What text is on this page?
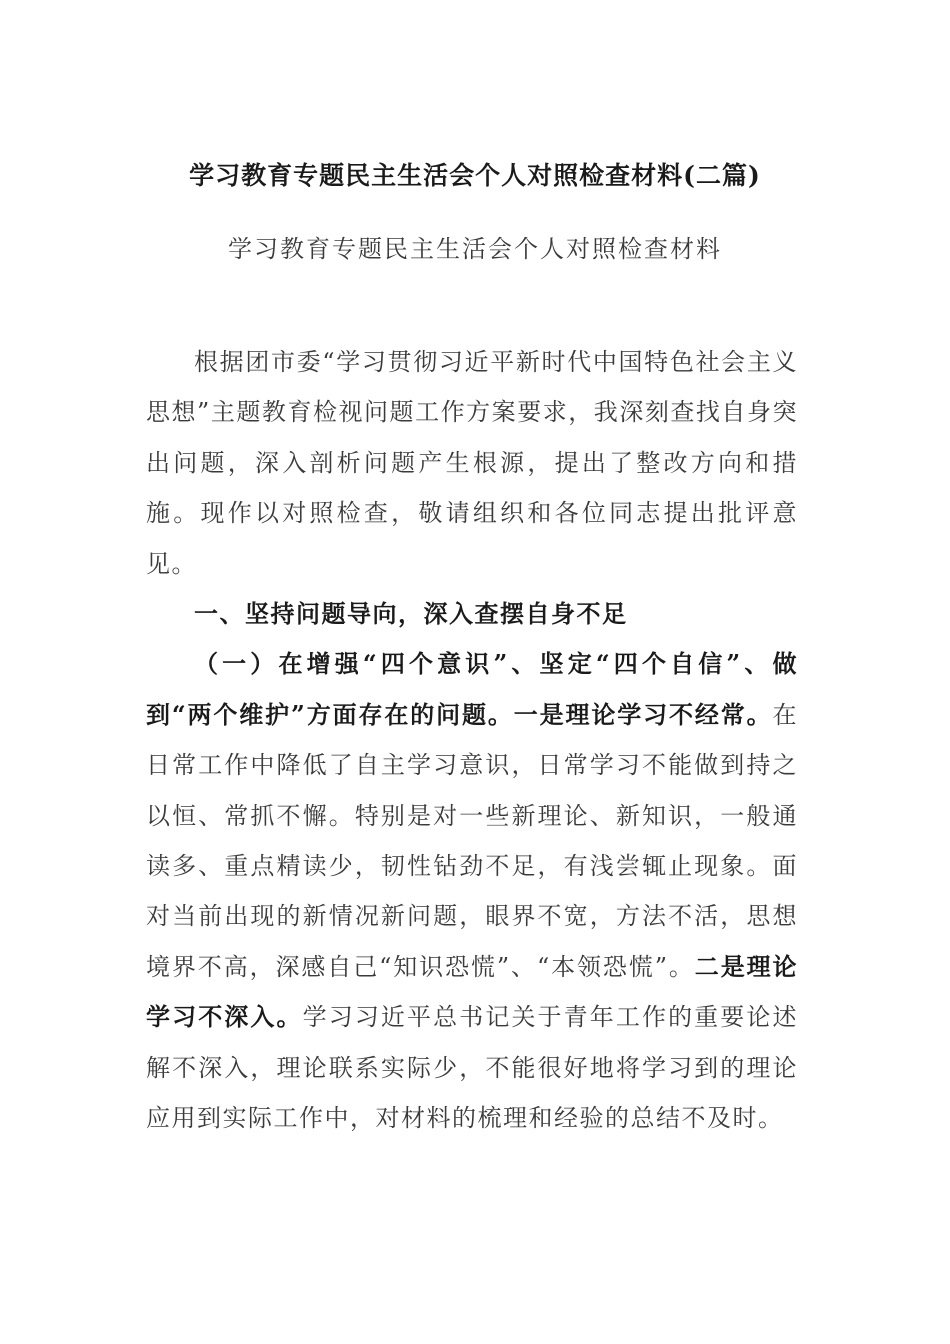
学习教育专题民主生活会个人对照检查材料(二篇)
学习教育专题民主生活会个人对照检查材料

根据团市委“学习贯彻习近平新时代中国特色社会主义思想”主题教育检视问题工作方案要求，我深刻查找自身突出问题，深入剖析问题产生根源，提出了整改方向和措施。现作以对照检查，敬请组织和各位同志提出批评意见。

一、坚持问题导向，深入查摆自身不足

（一）在增强“四个意识”、坚定“四个自信”、做到“两个维护”方面存在的问题。一是理论学习不经常。在日常工作中降低了自主学习意识，日常学习不能做到持之以恒、常抓不懈。特别是对一些新理论、新知识，一般通读多、重点精读少，韧性钻劲不足，有浅尝辄止现象。面对当前出现的新情况新问题，眼界不宽，方法不活，思想境界不高，深感自己“知识恐慌”、“本领恐慌”。二是理论学习不深入。学习习近平总书记关于青年工作的重要论述解不深入，理论联系实际少，不能很好地将学习到的理论应用到实际工作中，对材料的梳理和经验的总结不及时。
